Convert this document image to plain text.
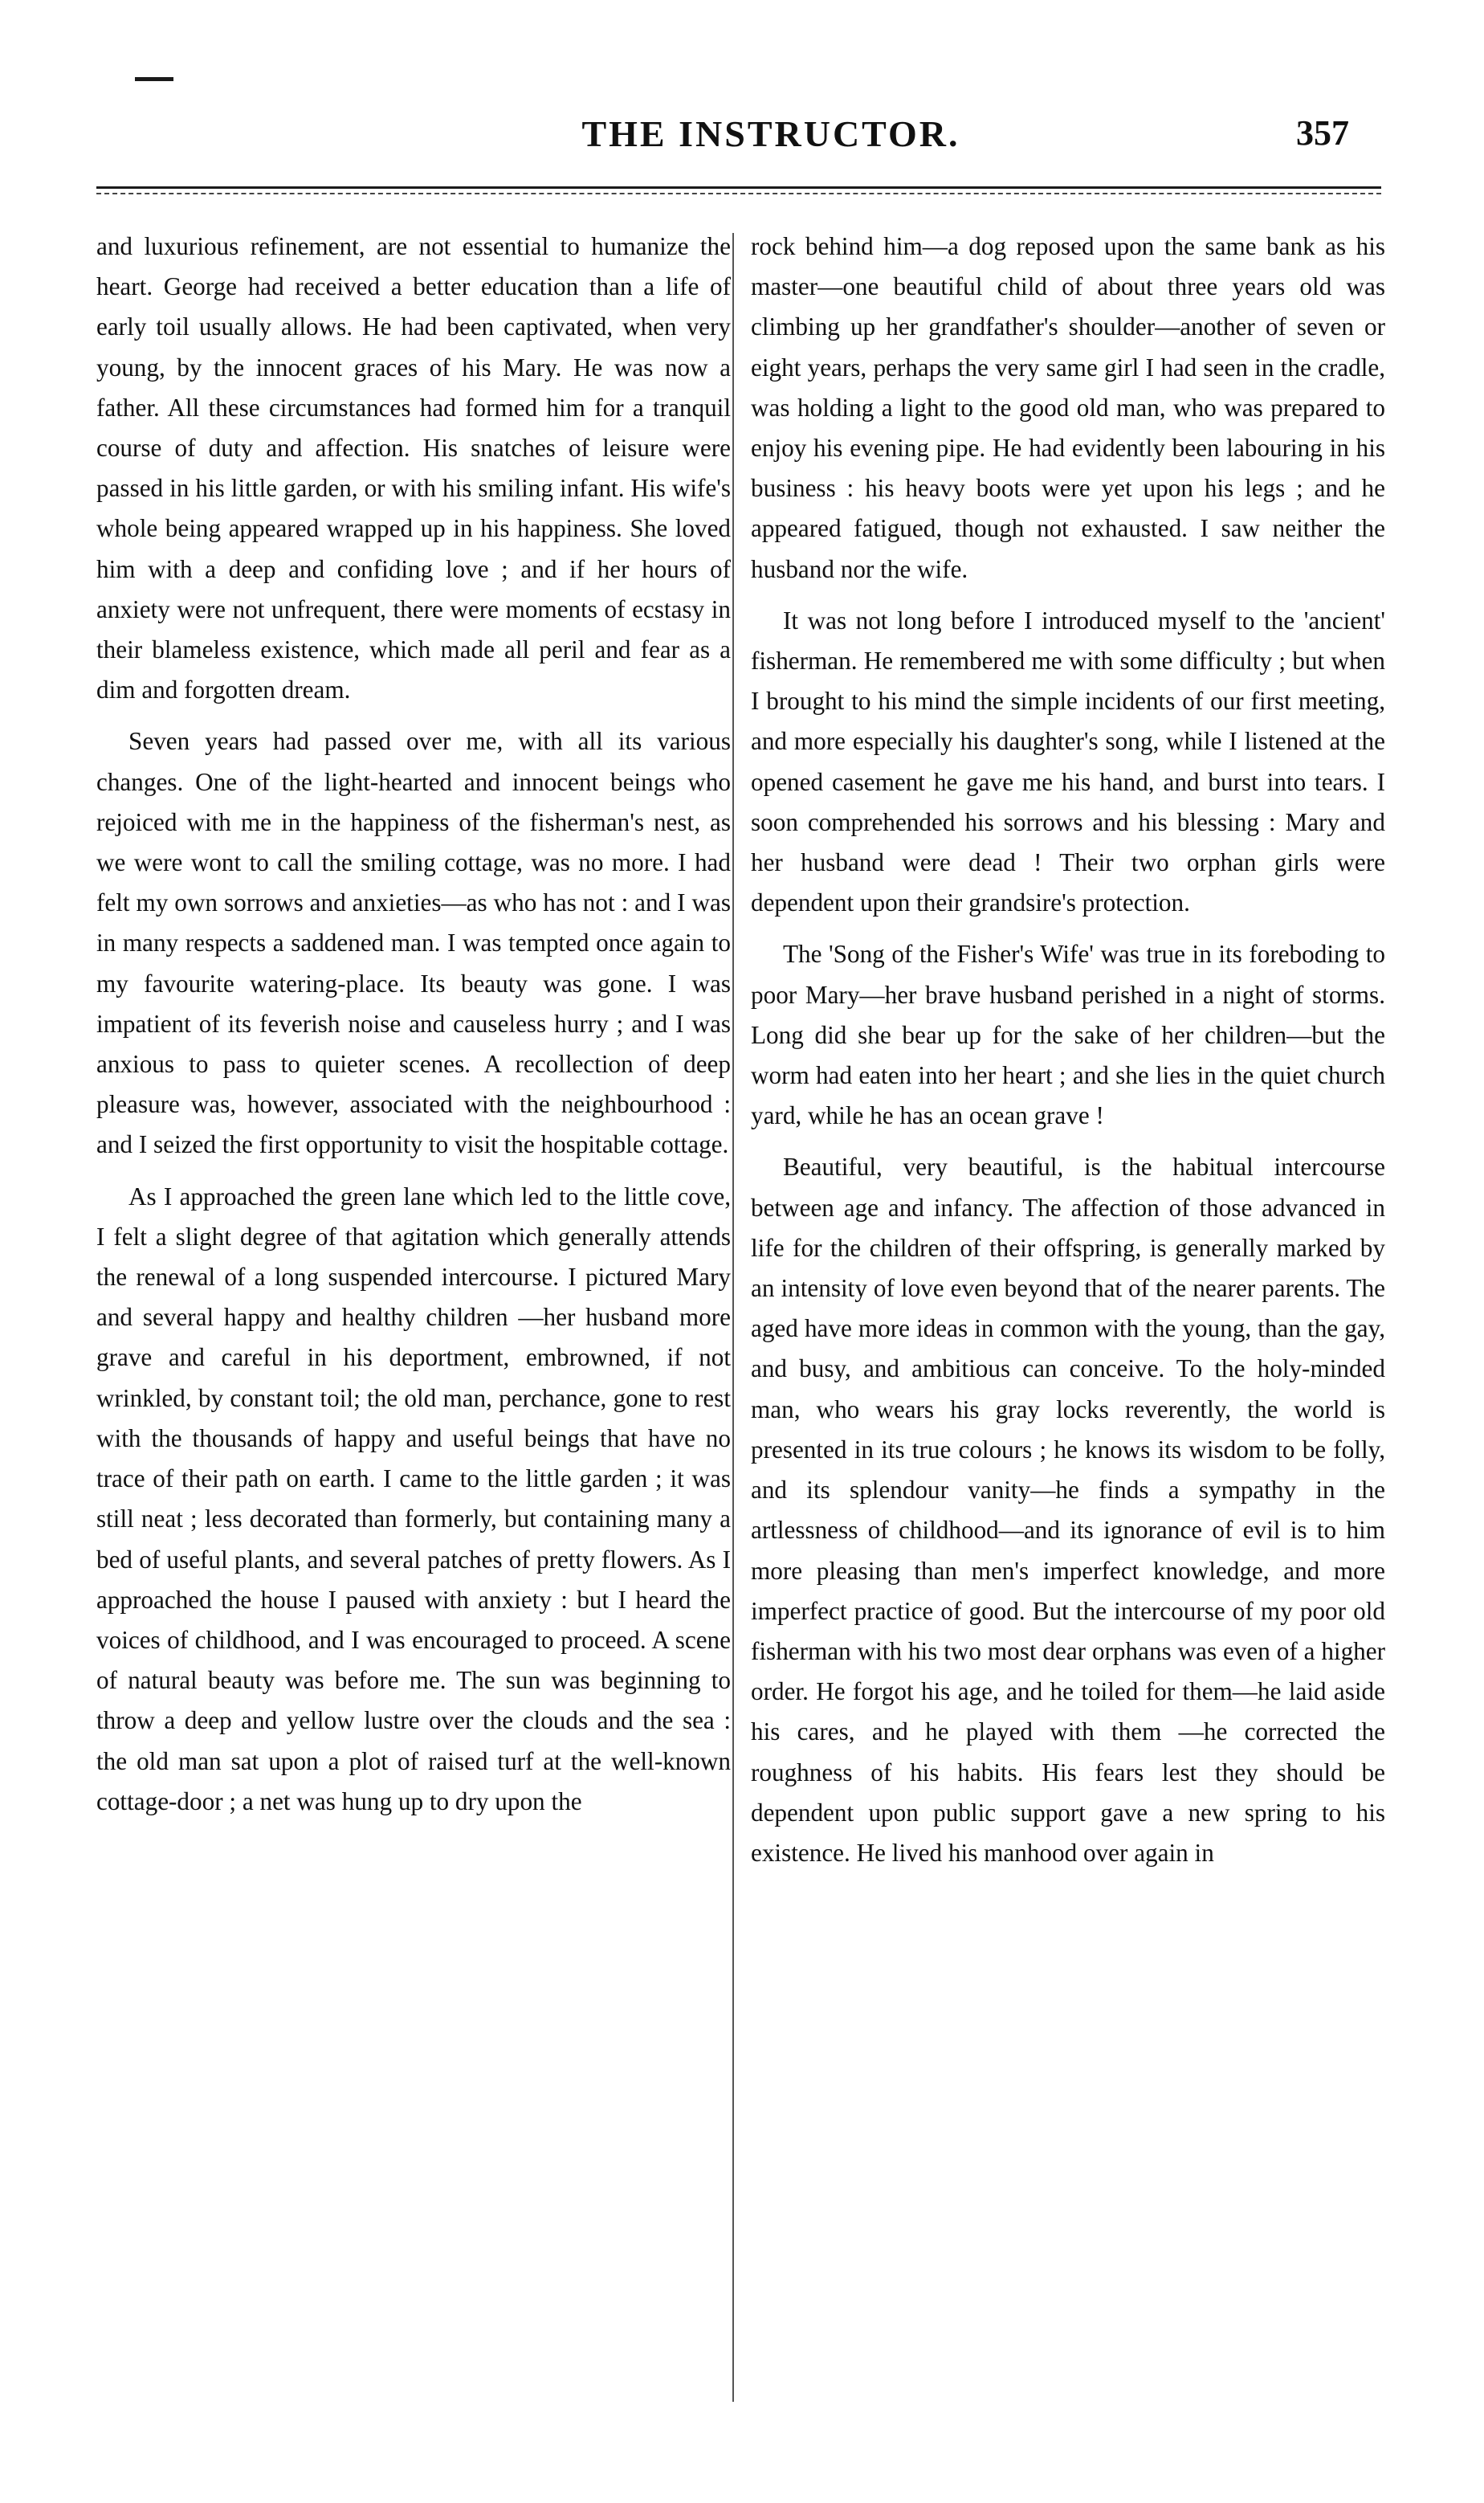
THE INSTRUCTOR.	357

and luxurious refinement, are not essential to humanize the heart. George had received a better education than a life of early toil usually allows. He had been captivated, when very young, by the innocent graces of his Mary. He was now a father. All these circumstances had formed him for a tranquil course of duty and affection. His snatches of leisure were passed in his little garden, or with his smiling infant. His wife's whole being appeared wrapped up in his happiness. She loved him with a deep and confiding love ; and if her hours of anxiety were not unfrequent, there were moments of ecstasy in their blameless existence, which made all peril and fear as a dim and forgotten dream.

Seven years had passed over me, with all its various changes. One of the light-hearted and innocent beings who rejoiced with me in the happiness of the fisherman's nest, as we were wont to call the smiling cottage, was no more. I had felt my own sorrows and anxieties—as who has not : and I was in many respects a saddened man. I was tempted once again to my favourite watering-place. Its beauty was gone. I was impatient of its feverish noise and causeless hurry ; and I was anxious to pass to quieter scenes. A recollection of deep pleasure was, however, associated with the neighbourhood : and I seized the first opportunity to visit the hospitable cottage.

As I approached the green lane which led to the little cove, I felt a slight degree of that agitation which generally attends the renewal of a long suspended intercourse. I pictured Mary and several happy and healthy children —her husband more grave and careful in his deportment, embrowned, if not wrinkled, by constant toil; the old man, perchance, gone to rest with the thousands of happy and useful beings that have no trace of their path on earth. I came to the little garden ; it was still neat ; less decorated than formerly, but containing many a bed of useful plants, and several patches of pretty flowers. As I approached the house I paused with anxiety : but I heard the voices of childhood, and I was encouraged to proceed. A scene of natural beauty was before me. The sun was beginning to throw a deep and yellow lustre over the clouds and the sea : the old man sat upon a plot of raised turf at the well-known cottage-door ; a net was hung up to dry upon the

rock behind him—a dog reposed upon the same bank as his master—one beautiful child of about three years old was climbing up her grandfather's shoulder—another of seven or eight years, perhaps the very same girl I had seen in the cradle, was holding a light to the good old man, who was prepared to enjoy his evening pipe. He had evidently been labouring in his business : his heavy boots were yet upon his legs ; and he appeared fatigued, though not exhausted. I saw neither the husband nor the wife.

It was not long before I introduced myself to the 'ancient' fisherman. He remembered me with some difficulty ; but when I brought to his mind the simple incidents of our first meeting, and more especially his daughter's song, while I listened at the opened casement he gave me his hand, and burst into tears. I soon comprehended his sorrows and his blessing : Mary and her husband were dead ! Their two orphan girls were dependent upon their grandsire's protection.

The 'Song of the Fisher's Wife' was true in its foreboding to poor Mary—her brave husband perished in a night of storms. Long did she bear up for the sake of her children—but the worm had eaten into her heart ; and she lies in the quiet church yard, while he has an ocean grave !

Beautiful, very beautiful, is the habitual intercourse between age and infancy. The affection of those advanced in life for the children of their offspring, is generally marked by an intensity of love even beyond that of the nearer parents. The aged have more ideas in common with the young, than the gay, and busy, and ambitious can conceive. To the holy-minded man, who wears his gray locks reverently, the world is presented in its true colours ; he knows its wisdom to be folly, and its splendour vanity—he finds a sympathy in the artlessness of childhood—and its ignorance of evil is to him more pleasing than men's imperfect knowledge, and more imperfect practice of good. But the intercourse of my poor old fisherman with his two most dear orphans was even of a higher order. He forgot his age, and he toiled for them—he laid aside his cares, and he played with them —he corrected the roughness of his habits. His fears lest they should be dependent upon public support gave a new spring to his existence. He lived his manhood over again in
